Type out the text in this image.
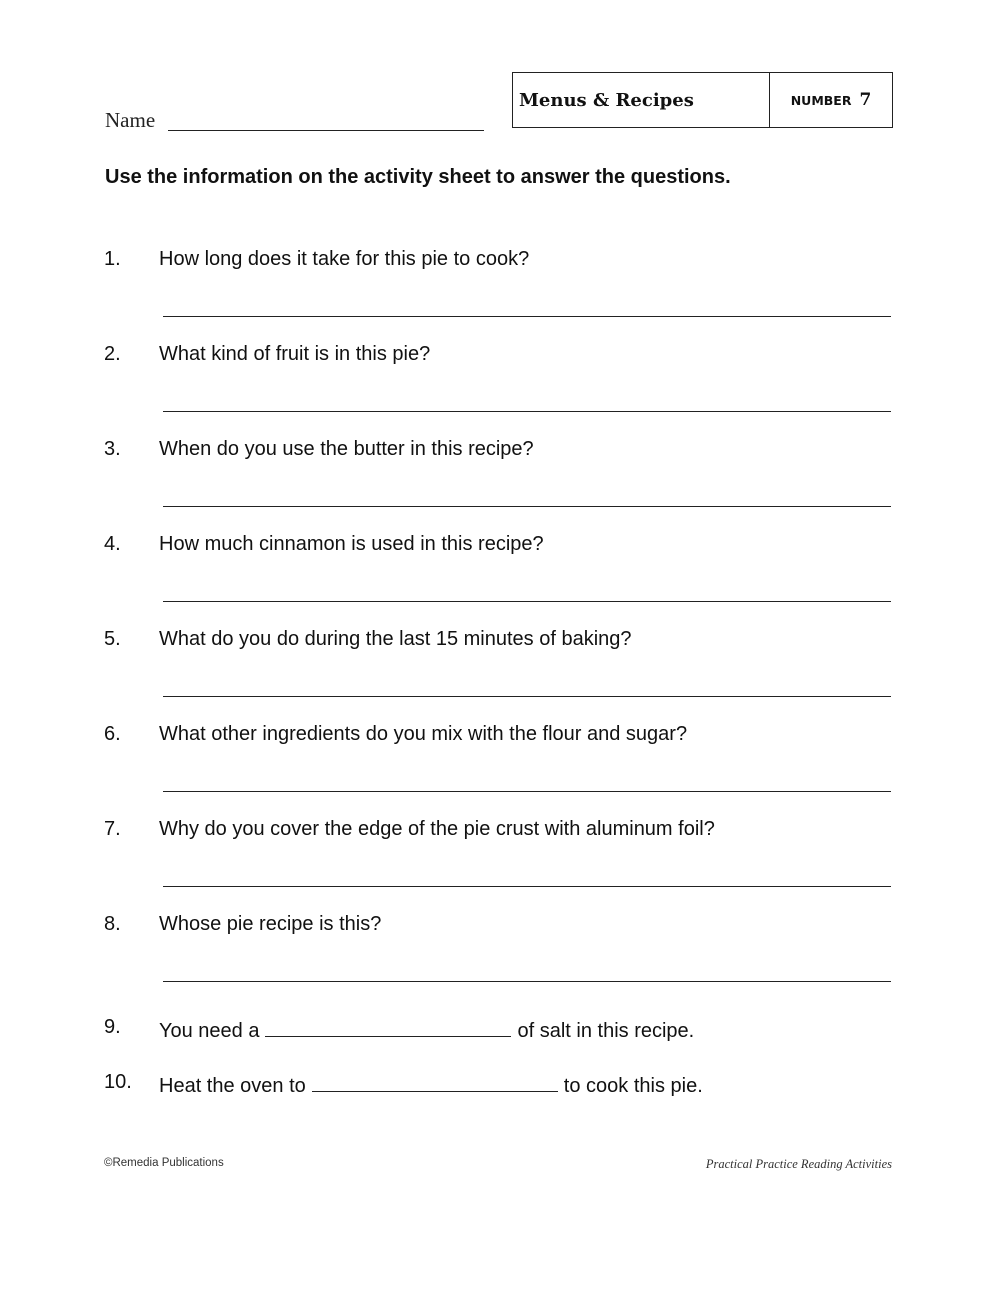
Name
Menus & Recipes	NUMBER 7
Use the information on the activity sheet to answer the questions.
1. How long does it take for this pie to cook?
2. What kind of fruit is in this pie?
3. When do you use the butter in this recipe?
4. How much cinnamon is used in this recipe?
5. What do you do during the last 15 minutes of baking?
6. What other ingredients do you mix with the flour and sugar?
7. Why do you cover the edge of the pie crust with aluminum foil?
8. Whose pie recipe is this?
9. You need a	of salt in this recipe.
10. Heat the oven to	to cook this pie.
©Remedia Publications	Practical Practice Reading Activities
